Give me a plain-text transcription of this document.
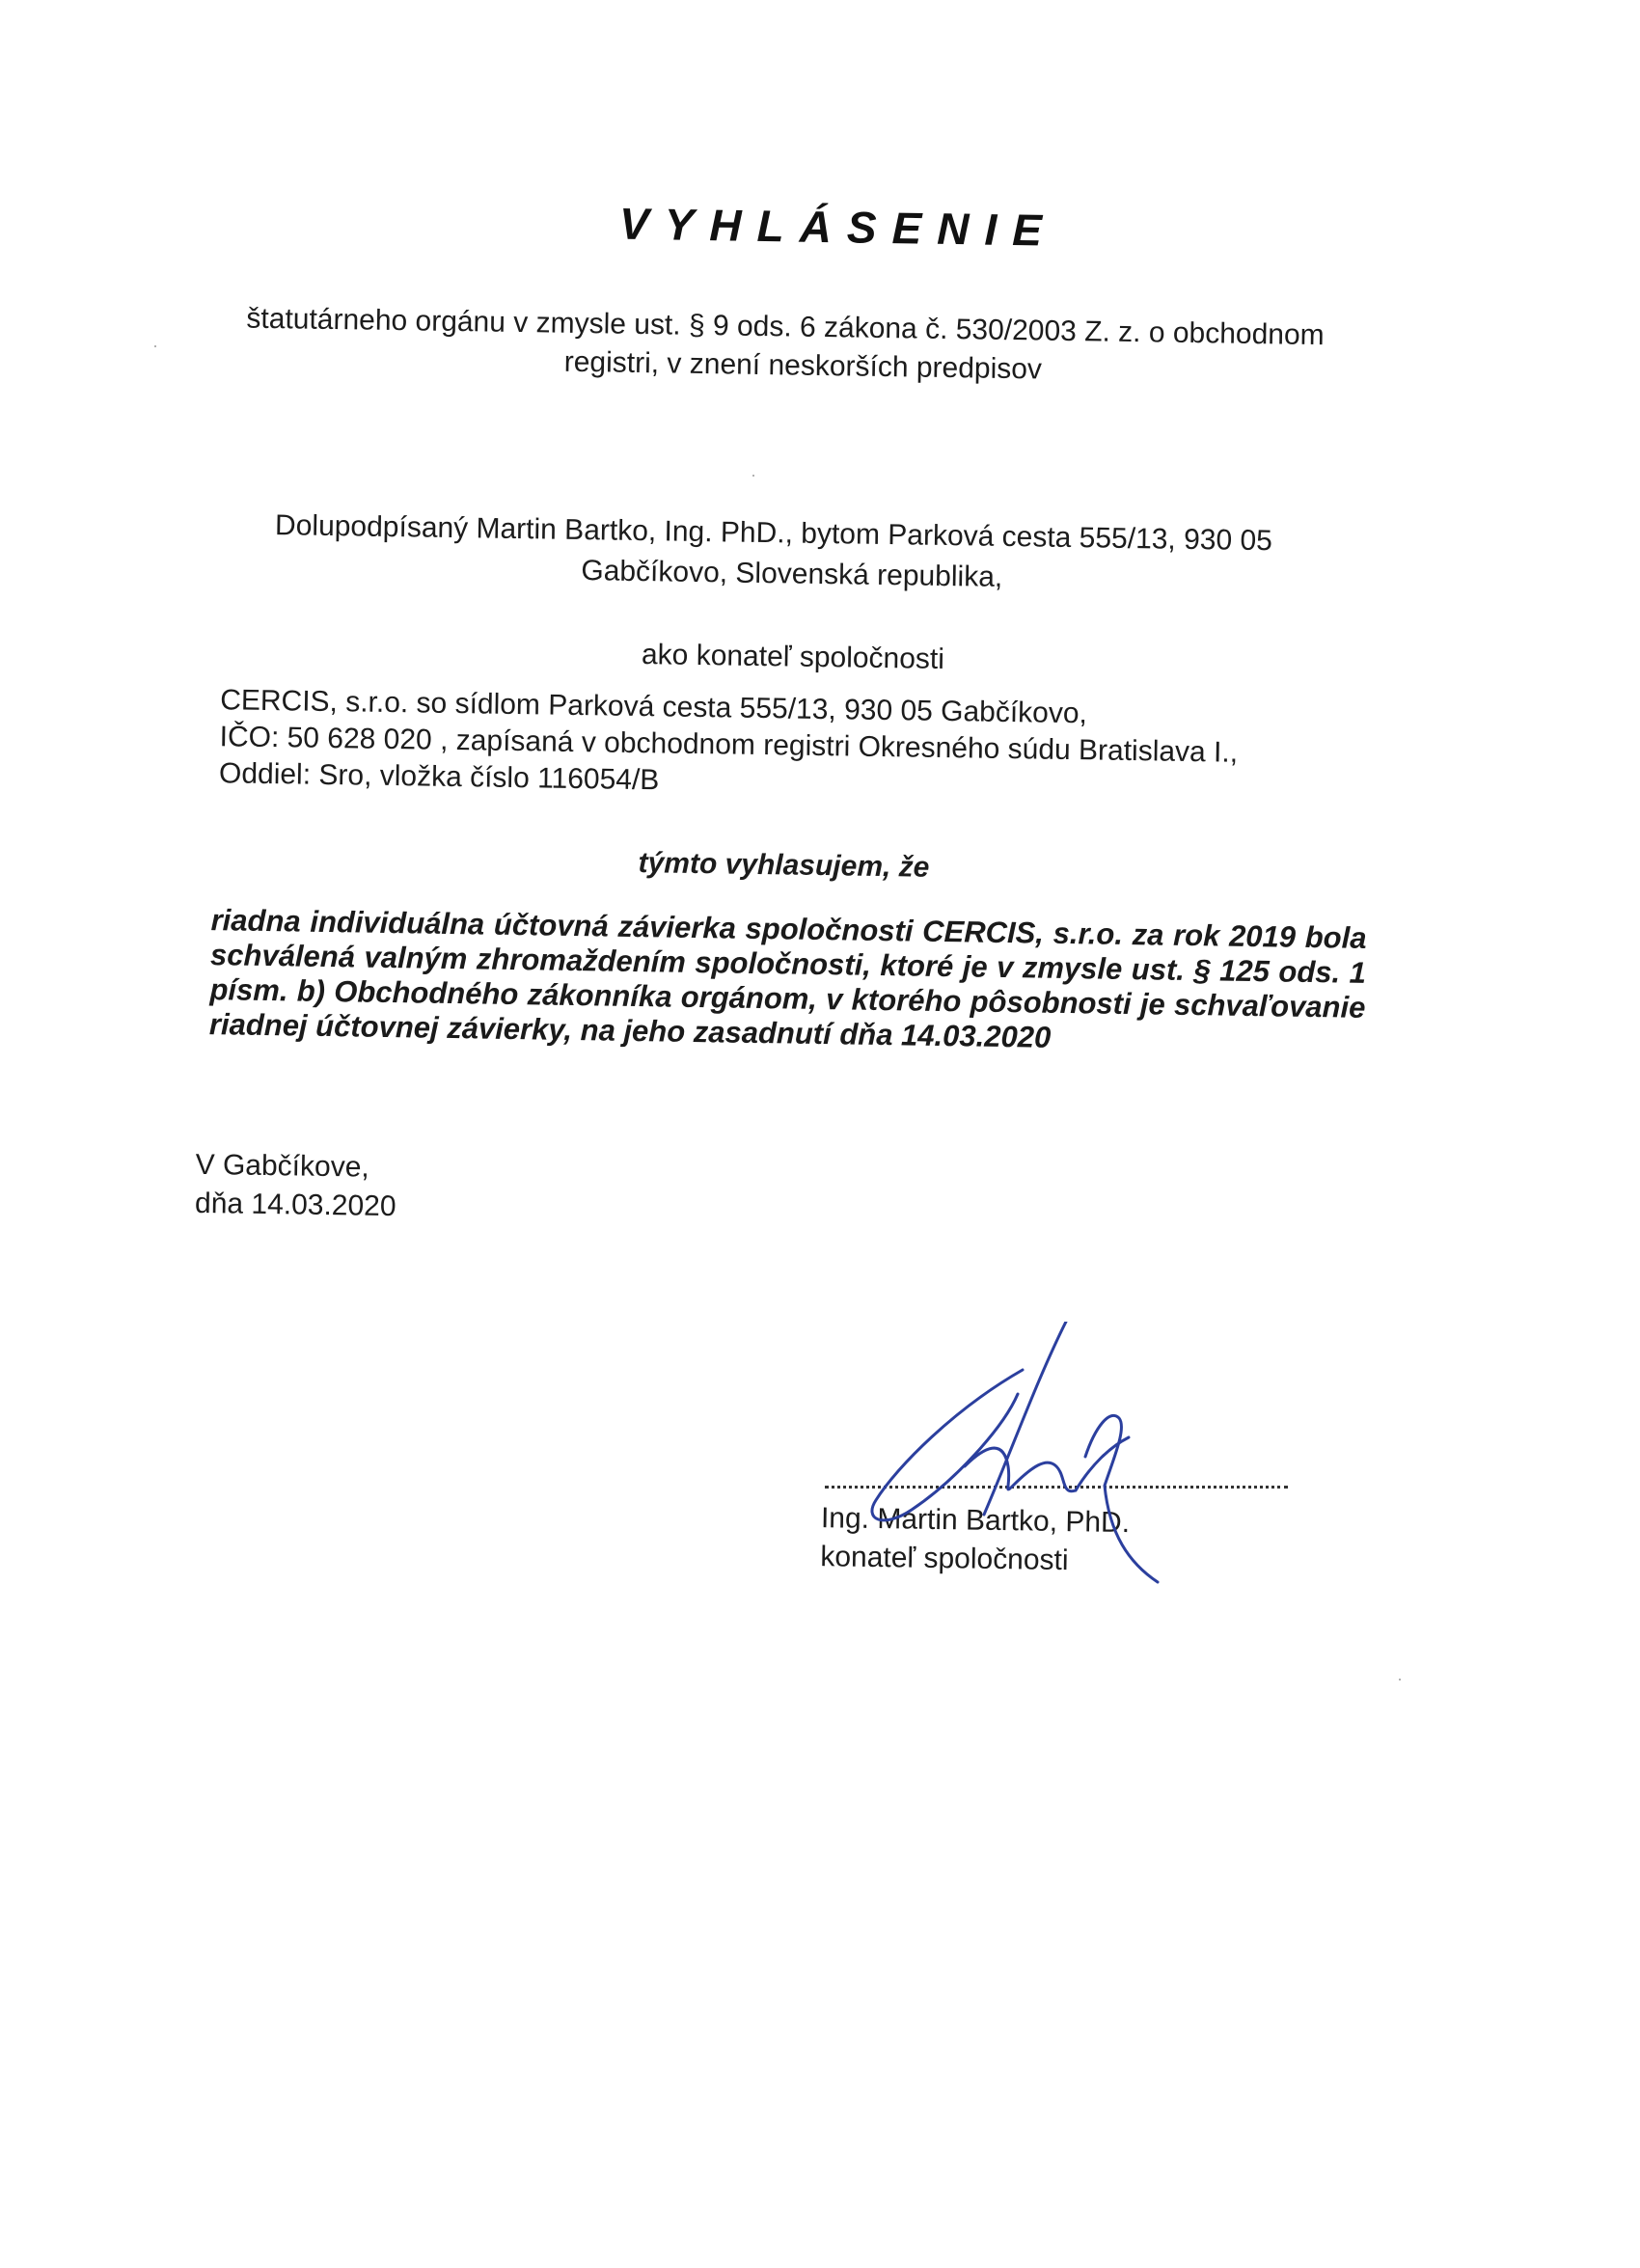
VYHLÁSENIE
štatutárneho orgánu v zmysle ust. § 9 ods. 6 zákona č. 530/2003 Z. z. o obchodnom
registri, v znení neskorších predpisov
Dolupodpísaný Martin Bartko, Ing. PhD., bytom Parková cesta 555/13, 930 05
Gabčíkovo, Slovenská republika,
ako konateľ spoločnosti
CERCIS, s.r.o. so sídlom Parková cesta 555/13, 930 05 Gabčíkovo,
IČO: 50 628 020 , zapísaná v obchodnom registri Okresného súdu Bratislava I.,
Oddiel: Sro, vložka číslo 116054/B
týmto vyhlasujem, že
riadna individuálna účtovná závierka spoločnosti CERCIS, s.r.o. za rok 2019 bola schválená valným zhromaždením spoločnosti, ktoré je v zmysle ust. § 125 ods. 1 písm. b) Obchodného zákonníka orgánom, v ktorého pôsobnosti je schvaľovanie riadnej účtovnej závierky, na jeho zasadnutí dňa 14.03.2020
V Gabčíkove,
dňa 14.03.2020
Ing. Martin Bartko, PhD.
konateľ spoločnosti
